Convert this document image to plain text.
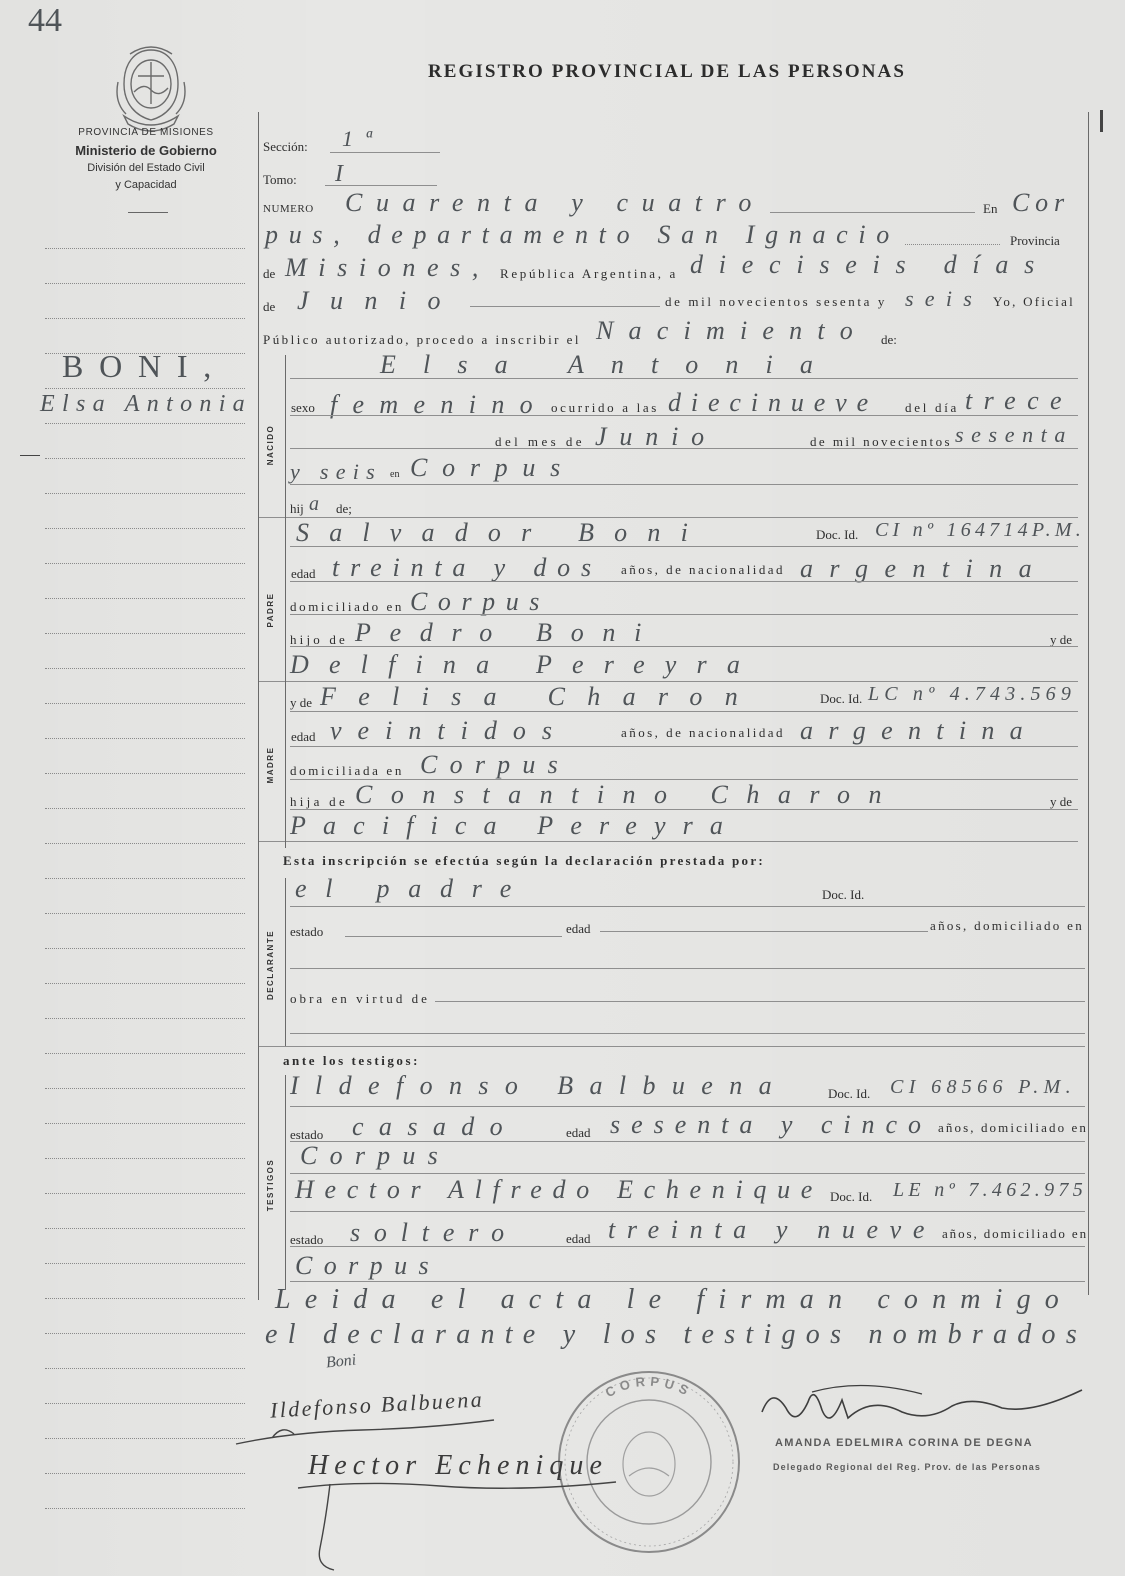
44
REGISTRO PROVINCIAL DE LAS PERSONAS
PROVINCIA DE MISIONES
Ministerio de Gobierno
División del Estado Civil
y Capacidad
BONI,
Elsa Antonia
NACIDO
PADRE
MADRE
DECLARANTE
TESTIGOS
Sección: 1ª
Tomo: I
NUMERO Cuarenta y cuatro	En Cor
pus, departamento San Ignacio	Provincia
de Misiones, República Argentina, a dieciseis días
de Junio	de mil novecientos sesenta y seis Yo, Oficial
Público autorizado, procedo a inscribir el Nacimiento de:
Elsa Antonia
sexo femenino ocurrido a las diecinueve del día trece
del mes de Junio	de mil novecientos sesenta
y seis en Corpus
hij a de;
Salvador Boni	Doc. Id. CI nº 164714P.M.
edad treinta y dos años, de nacionalidad argentina
domiciliado en Corpus
hijo de Pedro Boni	y de
Delfina Pereyra
y de Felisa Charon	Doc. Id. LC nº 4.743.569
edad veintidos	años, de nacionalidad argentina
domiciliada en Corpus
hija de Constantino Charon	y de
Pacifica Pereyra
Esta inscripción se efectúa según la declaración prestada por:
el padre	Doc. Id.
estado	edad	años, domiciliado en
obra en virtud de
ante los testigos:
Ildefonso Balbuena	Doc. Id. CI 68566 P.M.
estado casado	edad sesenta y cinco años, domiciliado en
Corpus
Hector Alfredo Echenique Doc. Id. LE nº 7.462.975
estado soltero	edad treinta y nueve años, domiciliado en
Corpus
Leida el acta le firman conmigo
el declarante y los testigos nombrados
Boni
Ildefonso Balbuena	CORPUS
AMANDA EDELMIRA CORINA DE DEGNA
Delegado Regional del Reg. Prov. de las Personas
Hector Echenique
